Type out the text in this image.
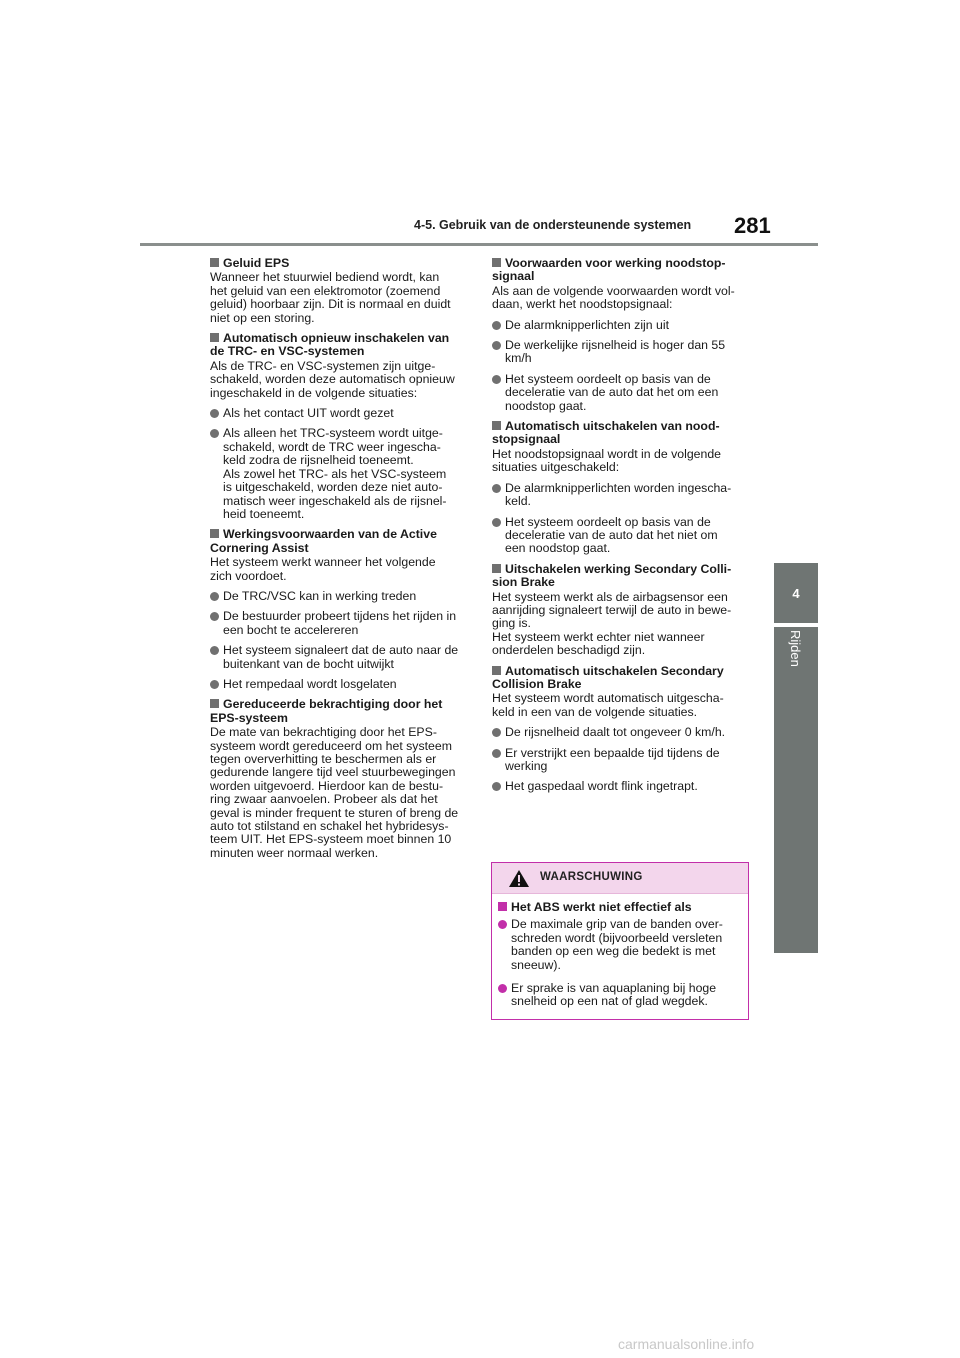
4-5. Gebruik van de ondersteunende systemen	281
4
Rijden
Geluid EPS
Wanneer het stuurwiel bediend wordt, kan
het geluid van een elektromotor (zoemend
geluid) hoorbaar zijn. Dit is normaal en duidt
niet op een storing.
Automatisch opnieuw inschakelen van
de TRC- en VSC-systemen
Als de TRC- en VSC-systemen zijn uitge-
schakeld, worden deze automatisch opnieuw
ingeschakeld in de volgende situaties:
Als het contact UIT wordt gezet
Als alleen het TRC-systeem wordt uitge-
schakeld, wordt de TRC weer ingescha-
keld zodra de rijsnelheid toeneemt.
Als zowel het TRC- als het VSC-systeem
is uitgeschakeld, worden deze niet auto-
matisch weer ingeschakeld als de rijsnel-
heid toeneemt.
Werkingsvoorwaarden van de Active
Cornering Assist
Het systeem werkt wanneer het volgende
zich voordoet.
De TRC/VSC kan in werking treden
De bestuurder probeert tijdens het rijden in
een bocht te accelereren
Het systeem signaleert dat de auto naar de
buitenkant van de bocht uitwijkt
Het rempedaal wordt losgelaten
Gereduceerde bekrachtiging door het
EPS-systeem
De mate van bekrachtiging door het EPS-
systeem wordt gereduceerd om het systeem
tegen oververhitting te beschermen als er
gedurende langere tijd veel stuurbewegingen
worden uitgevoerd. Hierdoor kan de bestu-
ring zwaar aanvoelen. Probeer als dat het
geval is minder frequent te sturen of breng de
auto tot stilstand en schakel het hybridesys-
teem UIT. Het EPS-systeem moet binnen 10
minuten weer normaal werken.
Voorwaarden voor werking noodstop-
signaal
Als aan de volgende voorwaarden wordt vol-
daan, werkt het noodstopsignaal:
De alarmknipperlichten zijn uit
De werkelijke rijsnelheid is hoger dan 55
km/h
Het systeem oordeelt op basis van de
deceleratie van de auto dat het om een
noodstop gaat.
Automatisch uitschakelen van nood-
stopsignaal
Het noodstopsignaal wordt in de volgende
situaties uitgeschakeld:
De alarmknipperlichten worden ingescha-
keld.
Het systeem oordeelt op basis van de
deceleratie van de auto dat het niet om
een noodstop gaat.
Uitschakelen werking Secondary Colli-
sion Brake
Het systeem werkt als de airbagsensor een
aanrijding signaleert terwijl de auto in bewe-
ging is.
Het systeem werkt echter niet wanneer
onderdelen beschadigd zijn.
Automatisch uitschakelen Secondary
Collision Brake
Het systeem wordt automatisch uitgescha-
keld in een van de volgende situaties.
De rijsnelheid daalt tot ongeveer 0 km/h.
Er verstrijkt een bepaalde tijd tijdens de
werking
Het gaspedaal wordt flink ingetrapt.
WAARSCHUWING
Het ABS werkt niet effectief als
De maximale grip van de banden over-
schreden wordt (bijvoorbeeld versleten
banden op een weg die bedekt is met
sneeuw).
Er sprake is van aquaplaning bij hoge
snelheid op een nat of glad wegdek.
carmanualsonline.info
